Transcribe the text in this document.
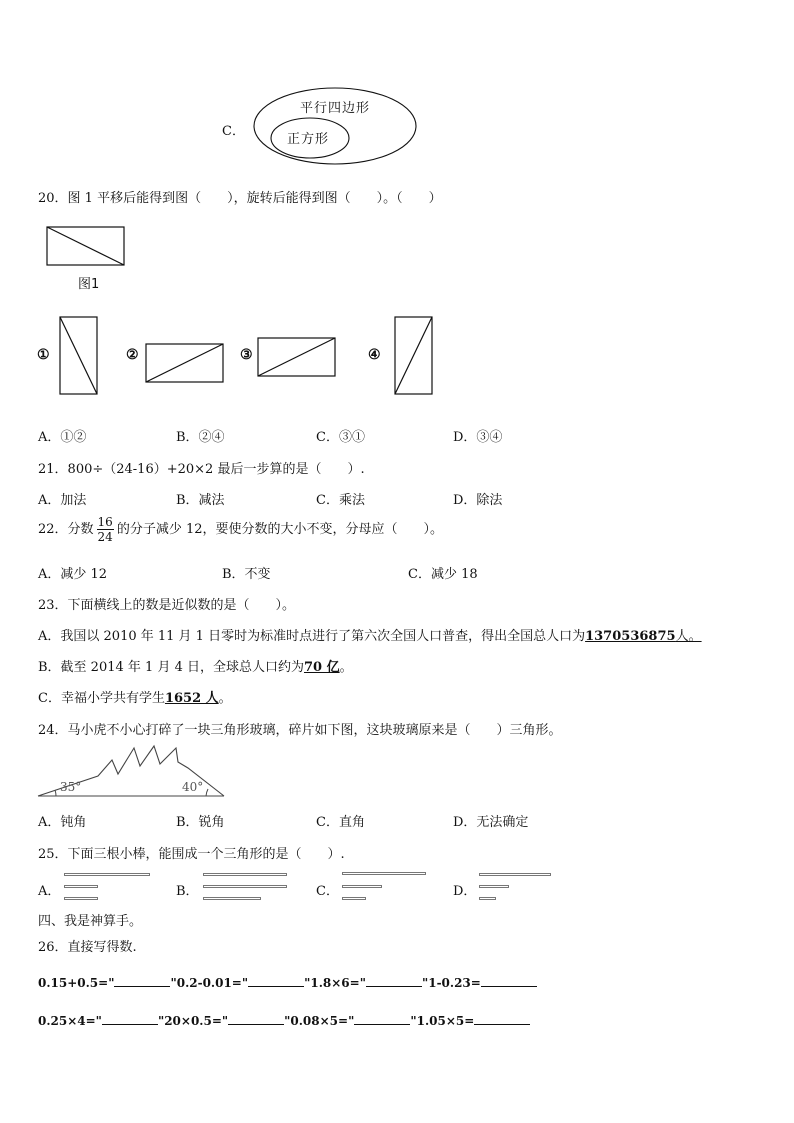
C．
平行四边形
正方形
20．图 1 平移后能得到图（　　），旋转后能得到图（　　）。（　　）
图1
①	②	③	④
A．①②	B．②④	C．③①	D．③④
21．800÷（24-16）+20×2 最后一步算的是（　　）.
A．加法	B．减法	C．乘法	D．除法
22．分数 $\frac{16}{24}$ 的分子减少 12，要使分数的大小不变，分母应（　　）。
A．减少 12	B．不变	C．减少 18
23．下面横线上的数是近似数的是（　　）。
A．我国以 2010 年 11 月 1 日零时为标准时点进行了第六次全国人口普查，得出全国总人口为1370536875人。
B．截至 2014 年 1 月 4 日，全球总人口约为70 亿。
C．幸福小学共有学生1652 人。
24．马小虎不小心打碎了一块三角形玻璃，碎片如下图，这块玻璃原来是（　　）三角形。
35°	40°
A．钝角	B．锐角	C．直角	D．无法确定
25．下面三根小棒，能围成一个三角形的是（　　）.
A．	B．	C．	D．
四、我是神算手。
26．直接写得数.
0.15+0.5="	"0.2-0.01="	"1.8×6="	"1-0.23=
0.25×4="	"20×0.5="	"0.08×5="	"1.05×5=
